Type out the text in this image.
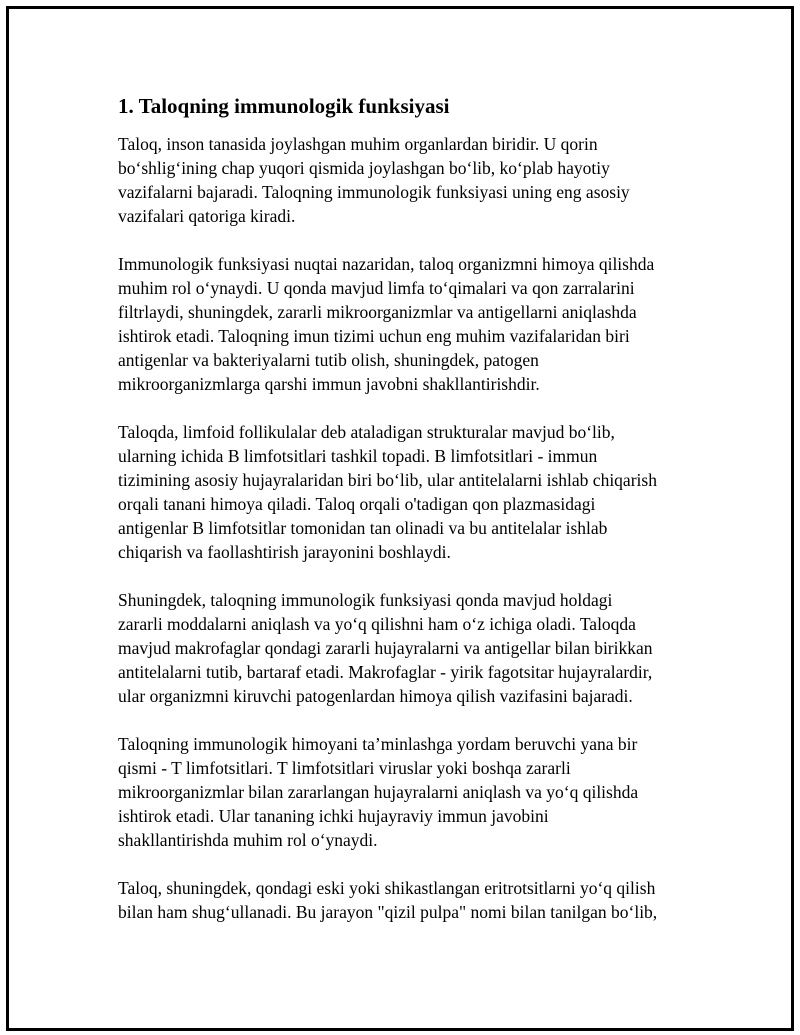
1. Taloqning immunologik funksiyasi
Taloq, inson tanasida joylashgan muhim organlardan biridir. U qorin
bo‘shlig‘ining chap yuqori qismida joylashgan bo‘lib, ko‘plab hayotiy
vazifalarni bajaradi. Taloqning immunologik funksiyasi uning eng asosiy
vazifalari qatoriga kiradi.
Immunologik funksiyasi nuqtai nazaridan, taloq organizmni himoya qilishda
muhim rol o‘ynaydi. U qonda mavjud limfa to‘qimalari va qon zarralarini
filtrlaydi, shuningdek, zararli mikroorganizmlar va antigellarni aniqlashda
ishtirok etadi. Taloqning imun tizimi uchun eng muhim vazifalaridan biri
antigenlar va bakteriyalarni tutib olish, shuningdek, patogen
mikroorganizmlarga qarshi immun javobni shakllantirishdir.
Taloqda, limfoid follikulalar deb ataladigan strukturalar mavjud bo‘lib,
ularning ichida B limfotsitlari tashkil topadi. B limfotsitlari - immun
tizimining asosiy hujayralaridan biri bo‘lib, ular antitelalarni ishlab chiqarish
orqali tanani himoya qiladi. Taloq orqali o'tadigan qon plazmasidagi
antigenlar B limfotsitlar tomonidan tan olinadi va bu antitelalar ishlab
chiqarish va faollashtirish jarayonini boshlaydi.
Shuningdek, taloqning immunologik funksiyasi qonda mavjud holdagi
zararli moddalarni aniqlash va yo‘q qilishni ham o‘z ichiga oladi. Taloqda
mavjud makrofaglar qondagi zararli hujayralarni va antigellar bilan birikkan
antitelalarni tutib, bartaraf etadi. Makrofaglar - yirik fagotsitar hujayralardir,
ular organizmni kiruvchi patogenlardan himoya qilish vazifasini bajaradi.
Taloqning immunologik himoyani ta’minlashga yordam beruvchi yana bir
qismi - T limfotsitlari. T limfotsitlari viruslar yoki boshqa zararli
mikroorganizmlar bilan zararlangan hujayralarni aniqlash va yo‘q qilishda
ishtirok etadi. Ular tananing ichki hujayraviy immun javobini
shakllantirishda muhim rol o‘ynaydi.
Taloq, shuningdek, qondagi eski yoki shikastlangan eritrotsitlarni yo‘q qilish
bilan ham shug‘ullanadi. Bu jarayon "qizil pulpa" nomi bilan tanilgan bo‘lib,
